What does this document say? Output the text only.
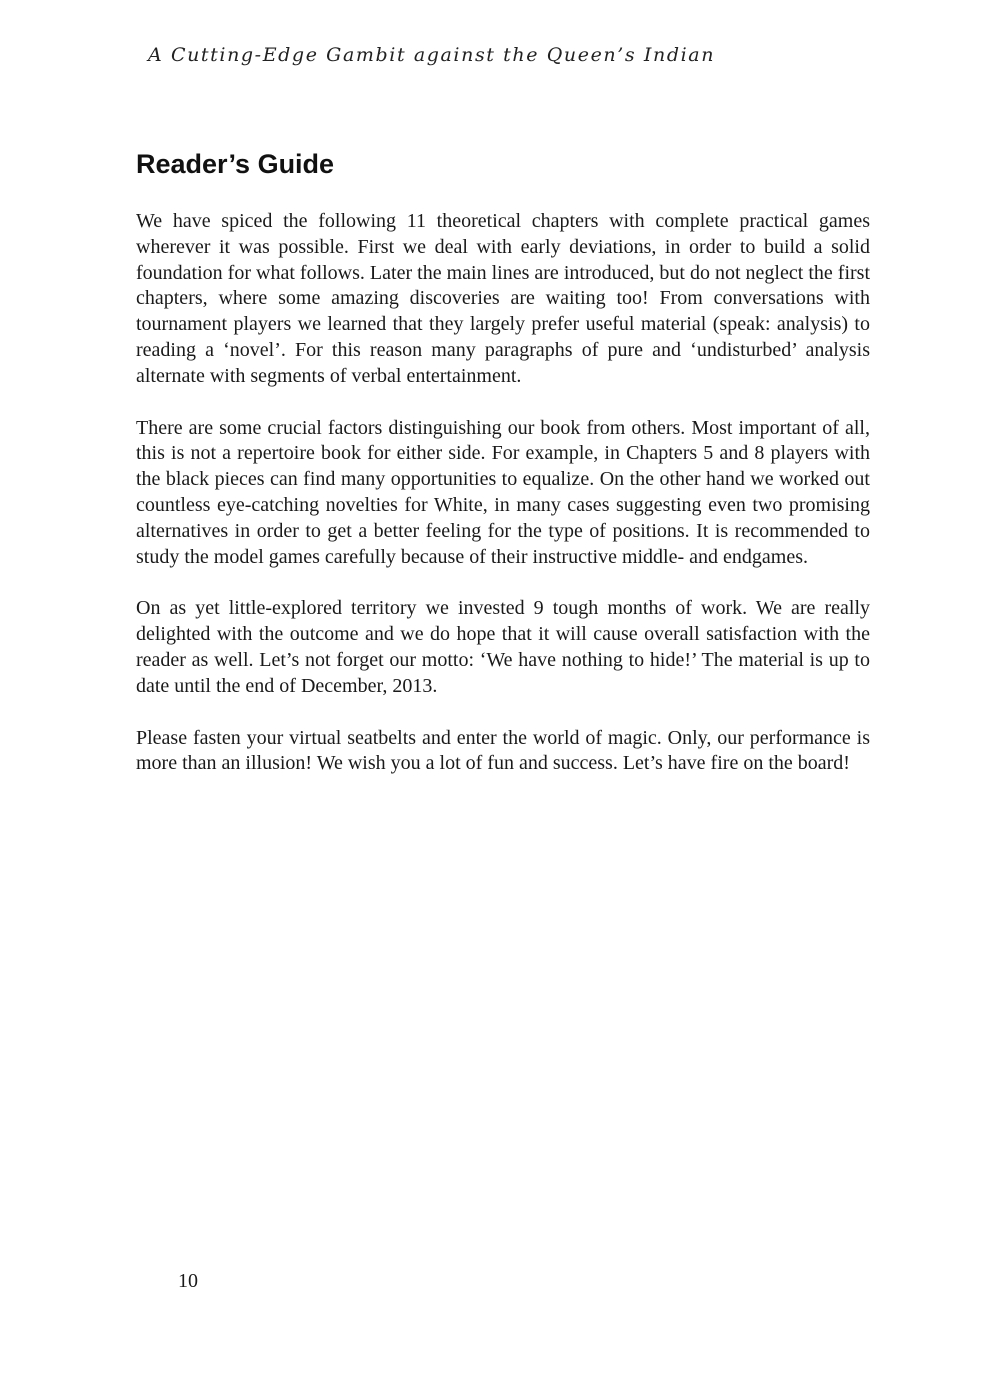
A Cutting-Edge Gambit against the Queen’s Indian
Reader’s Guide

We have spiced the following 11 theoretical chapters with complete practical games wherever it was possible. First we deal with early deviations, in order to build a solid foundation for what follows. Later the main lines are introduced, but do not neglect the first chapters, where some amazing discoveries are waiting too! From conversations with tournament players we learned that they largely prefer useful material (speak: analysis) to reading a ‘novel’. For this reason many paragraphs of pure and ‘undisturbed’ analysis alternate with segments of verbal entertainment.

There are some crucial factors distinguishing our book from others. Most important of all, this is not a repertoire book for either side. For example, in Chapters 5 and 8 players with the black pieces can find many opportunities to equalize. On the other hand we worked out countless eye-catching novelties for White, in many cases suggesting even two promising alternatives in order to get a better feeling for the type of positions. It is recommended to study the model games carefully because of their instructive middle- and endgames.

On as yet little-explored territory we invested 9 tough months of work. We are really delighted with the outcome and we do hope that it will cause overall satisfaction with the reader as well. Let’s not forget our motto: ‘We have nothing to hide!’ The material is up to date until the end of December, 2013.

Please fasten your virtual seatbelts and enter the world of magic. Only, our performance is more than an illusion! We wish you a lot of fun and success. Let’s have fire on the board!

10
